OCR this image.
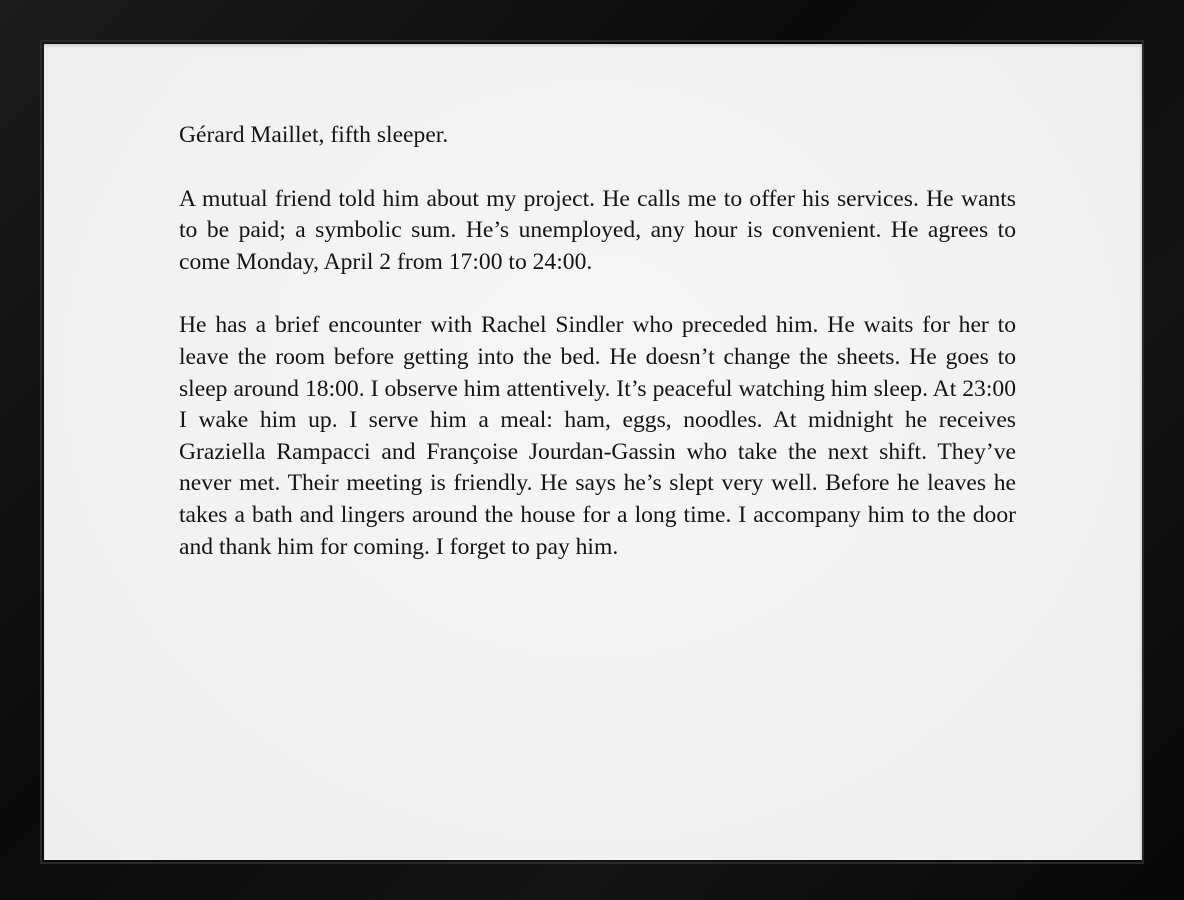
Gérard Maillet, fifth sleeper.

A mutual friend told him about my project. He calls me to offer his services. He wants to be paid; a symbolic sum. He’s unemployed, any hour is convenient. He agrees to come Monday, April 2 from 17:00 to 24:00.

He has a brief encounter with Rachel Sindler who preceded him. He waits for her to leave the room before getting into the bed. He doesn’t change the sheets. He goes to sleep around 18:00. I observe him attentively. It’s peaceful watching him sleep. At 23:00 I wake him up. I serve him a meal: ham, eggs, noodles. At midnight he receives Graziella Rampacci and Françoise Jourdan-Gassin who take the next shift. They’ve never met. Their meeting is friendly. He says he’s slept very well. Before he leaves he takes a bath and lingers around the house for a long time. I accompany him to the door and thank him for coming. I forget to pay him.
